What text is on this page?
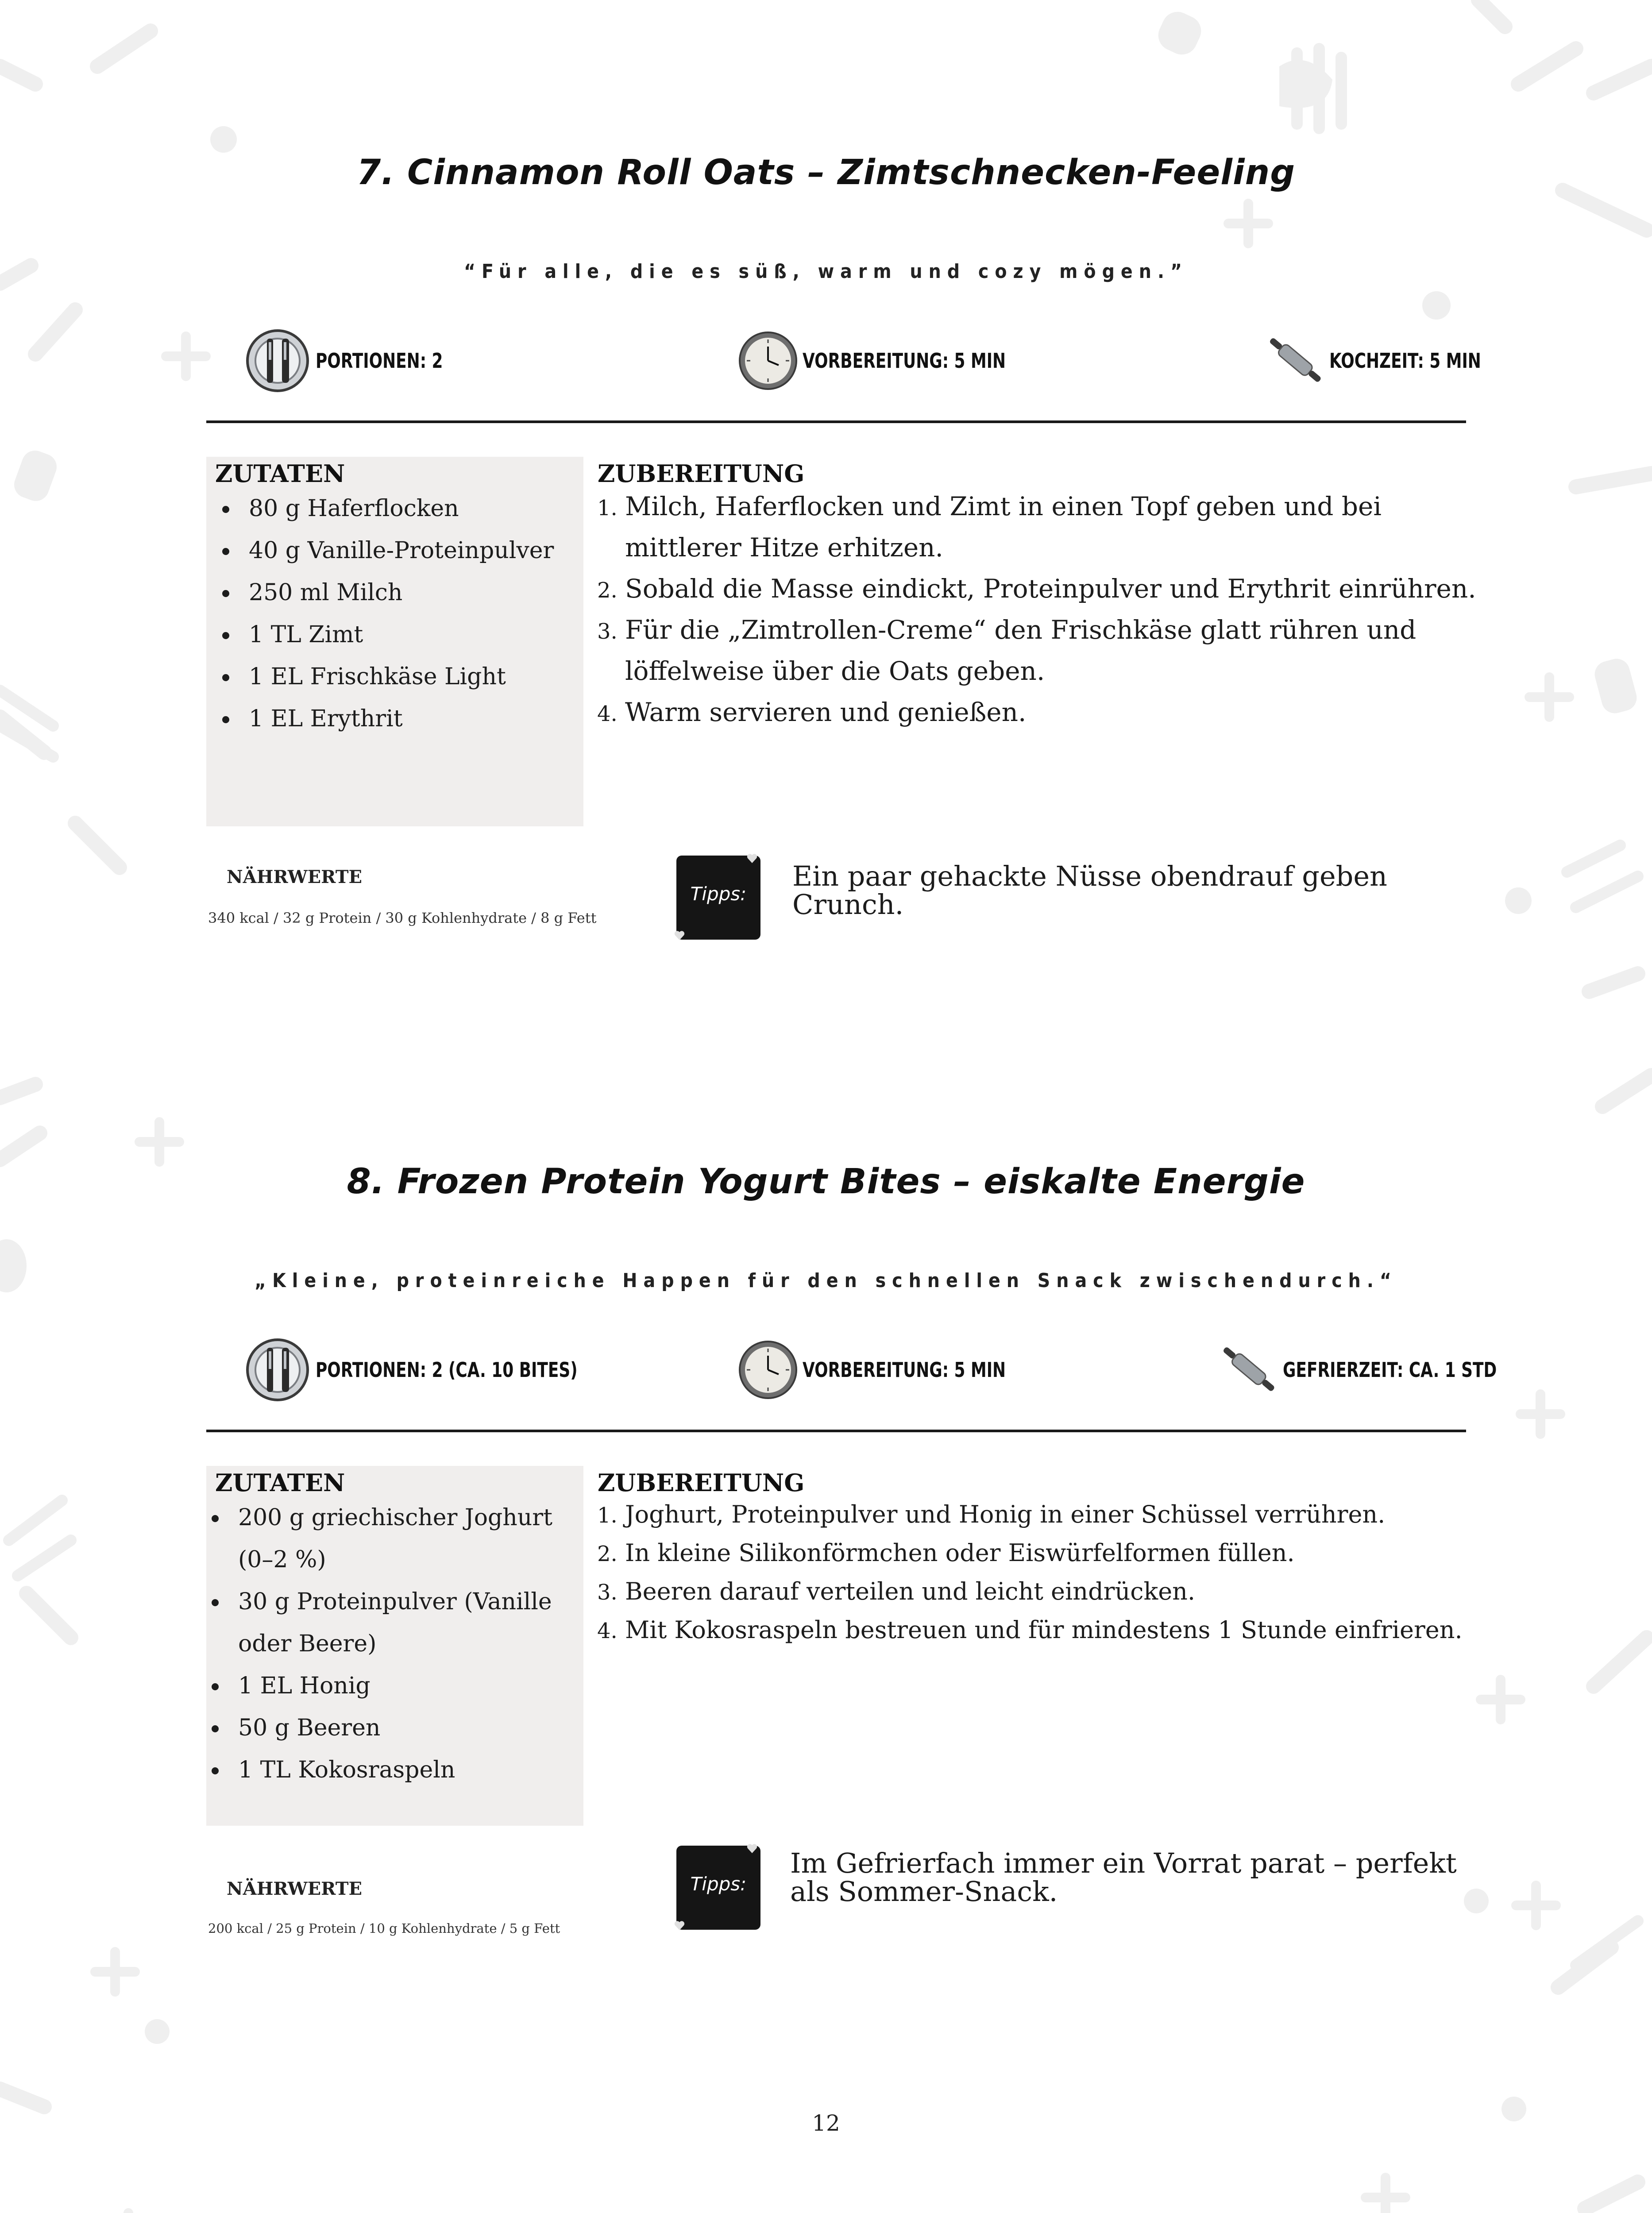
7. Cinnamon Roll Oats – Zimtschnecken-Feeling
“Für alle, die es süß, warm und cozy mögen.”
PORTIONEN: 2	VORBEREITUNG: 5 MIN	KOCHZEIT: 5 MIN
ZUTATEN
• 80 g Haferflocken
• 40 g Vanille-Proteinpulver
• 250 ml Milch
• 1 TL Zimt
• 1 EL Frischkäse Light
• 1 EL Erythrit
ZUBEREITUNG
1. Milch, Haferflocken und Zimt in einen Topf geben und bei mittlerer Hitze erhitzen.
2. Sobald die Masse eindickt, Proteinpulver und Erythrit einrühren.
3. Für die „Zimtrollen-Creme“ den Frischkäse glatt rühren und löffelweise über die Oats geben.
4. Warm servieren und genießen.
NÄHRWERTE
340 kcal / 32 g Protein / 30 g Kohlenhydrate / 8 g Fett
Tipps:
Ein paar gehackte Nüsse obendrauf geben Crunch.
8. Frozen Protein Yogurt Bites – eiskalte Energie
„Kleine, proteinreiche Happen für den schnellen Snack zwischendurch.“
PORTIONEN: 2 (CA. 10 BITES)	VORBEREITUNG: 5 MIN	GEFRIERZEIT: CA. 1 STD
ZUTATEN
• 200 g griechischer Joghurt (0–2 %)
• 30 g Proteinpulver (Vanille oder Beere)
• 1 EL Honig
• 50 g Beeren
• 1 TL Kokosraspeln
ZUBEREITUNG
1. Joghurt, Proteinpulver und Honig in einer Schüssel verrühren.
2. In kleine Silikonförmchen oder Eiswürfelformen füllen.
3. Beeren darauf verteilen und leicht eindrücken.
4. Mit Kokosraspeln bestreuen und für mindestens 1 Stunde einfrieren.
NÄHRWERTE
200 kcal / 25 g Protein / 10 g Kohlenhydrate / 5 g Fett
Tipps:
Im Gefrierfach immer ein Vorrat parat – perfekt als Sommer-Snack.
12
